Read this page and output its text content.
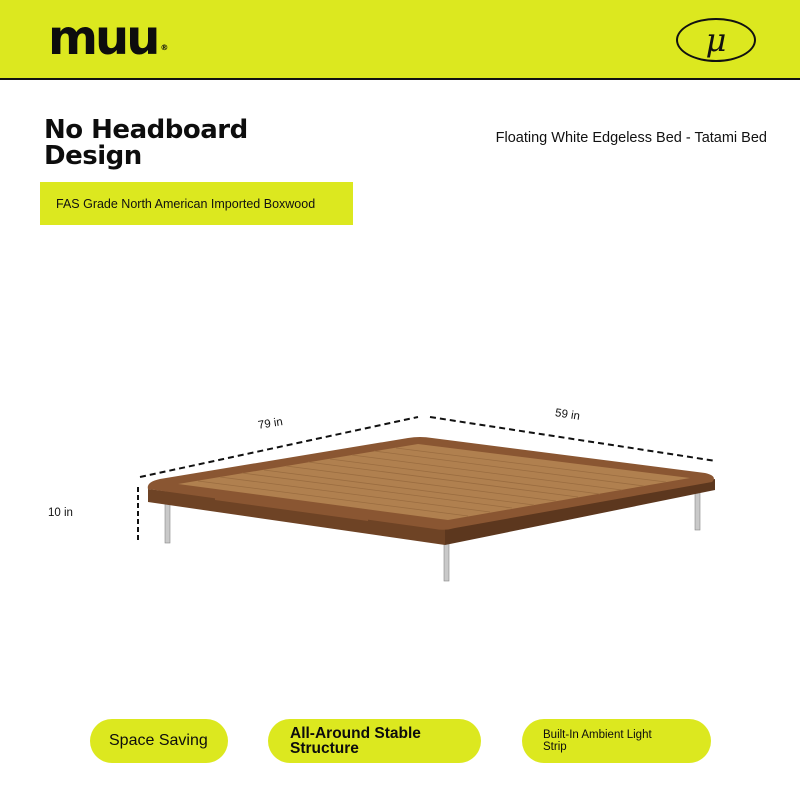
muu ®	μ
No Headboard Design
Floating White Edgeless Bed - Tatami Bed
FAS Grade North American Imported Boxwood
79 in
59 in
10 in
Space Saving	All-Around Stable Structure
Built-In Ambient Light Strip
